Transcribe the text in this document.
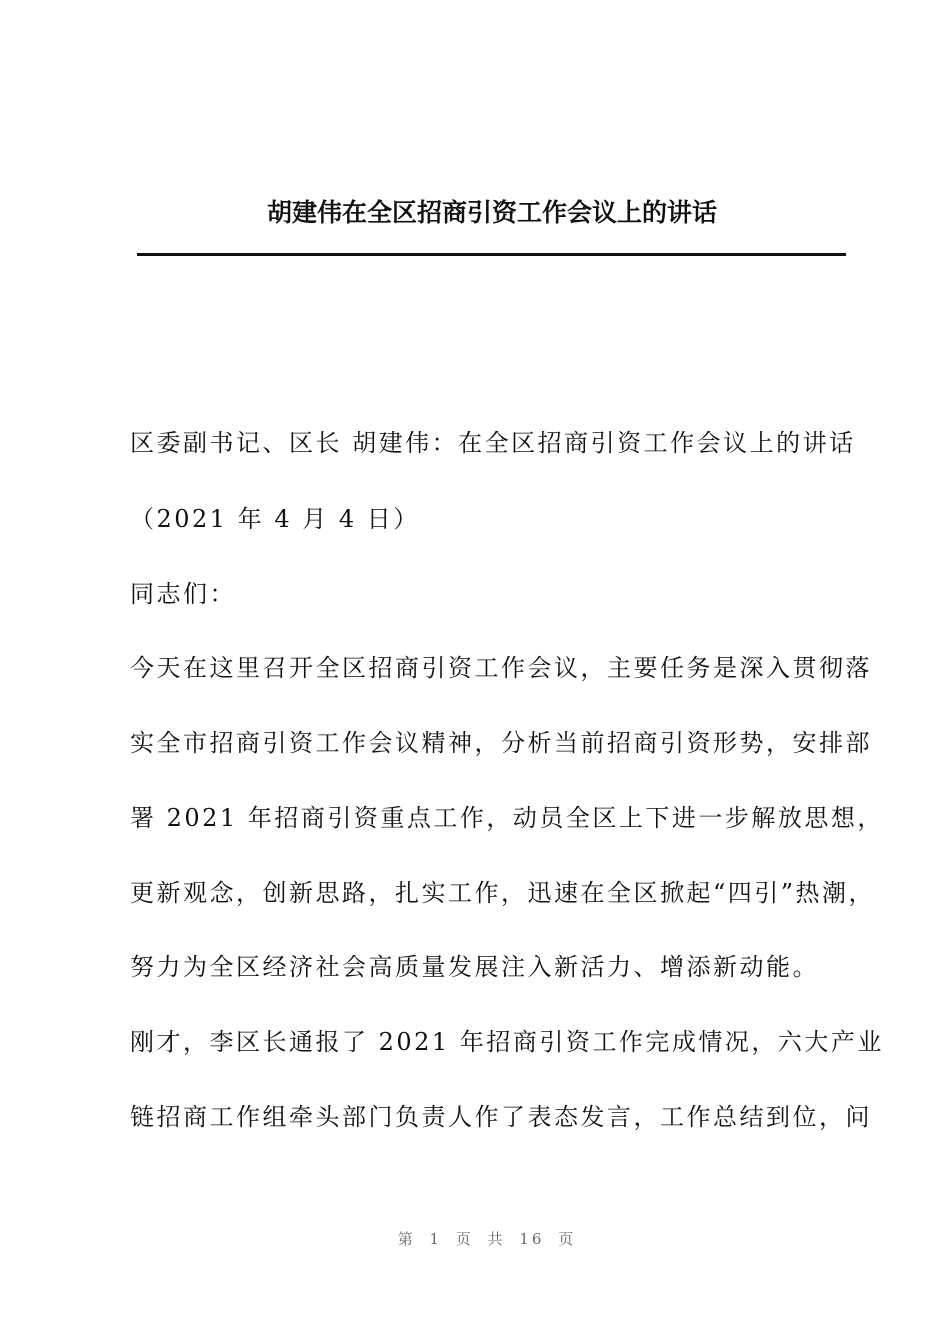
胡建伟在全区招商引资工作会议上的讲话
区委副书记、区长 胡建伟：在全区招商引资工作会议上的讲话
（2021 年 4 月 4 日）
同志们：
今天在这里召开全区招商引资工作会议，主要任务是深入贯彻落
实全市招商引资工作会议精神，分析当前招商引资形势，安排部
署 2021 年招商引资重点工作，动员全区上下进一步解放思想，
更新观念，创新思路，扎实工作，迅速在全区掀起“四引”热潮，
努力为全区经济社会高质量发展注入新活力、增添新动能。
刚才，李区长通报了 2021 年招商引资工作完成情况，六大产业
链招商工作组牵头部门负责人作了表态发言，工作总结到位，问
第 1 页 共 16 页
